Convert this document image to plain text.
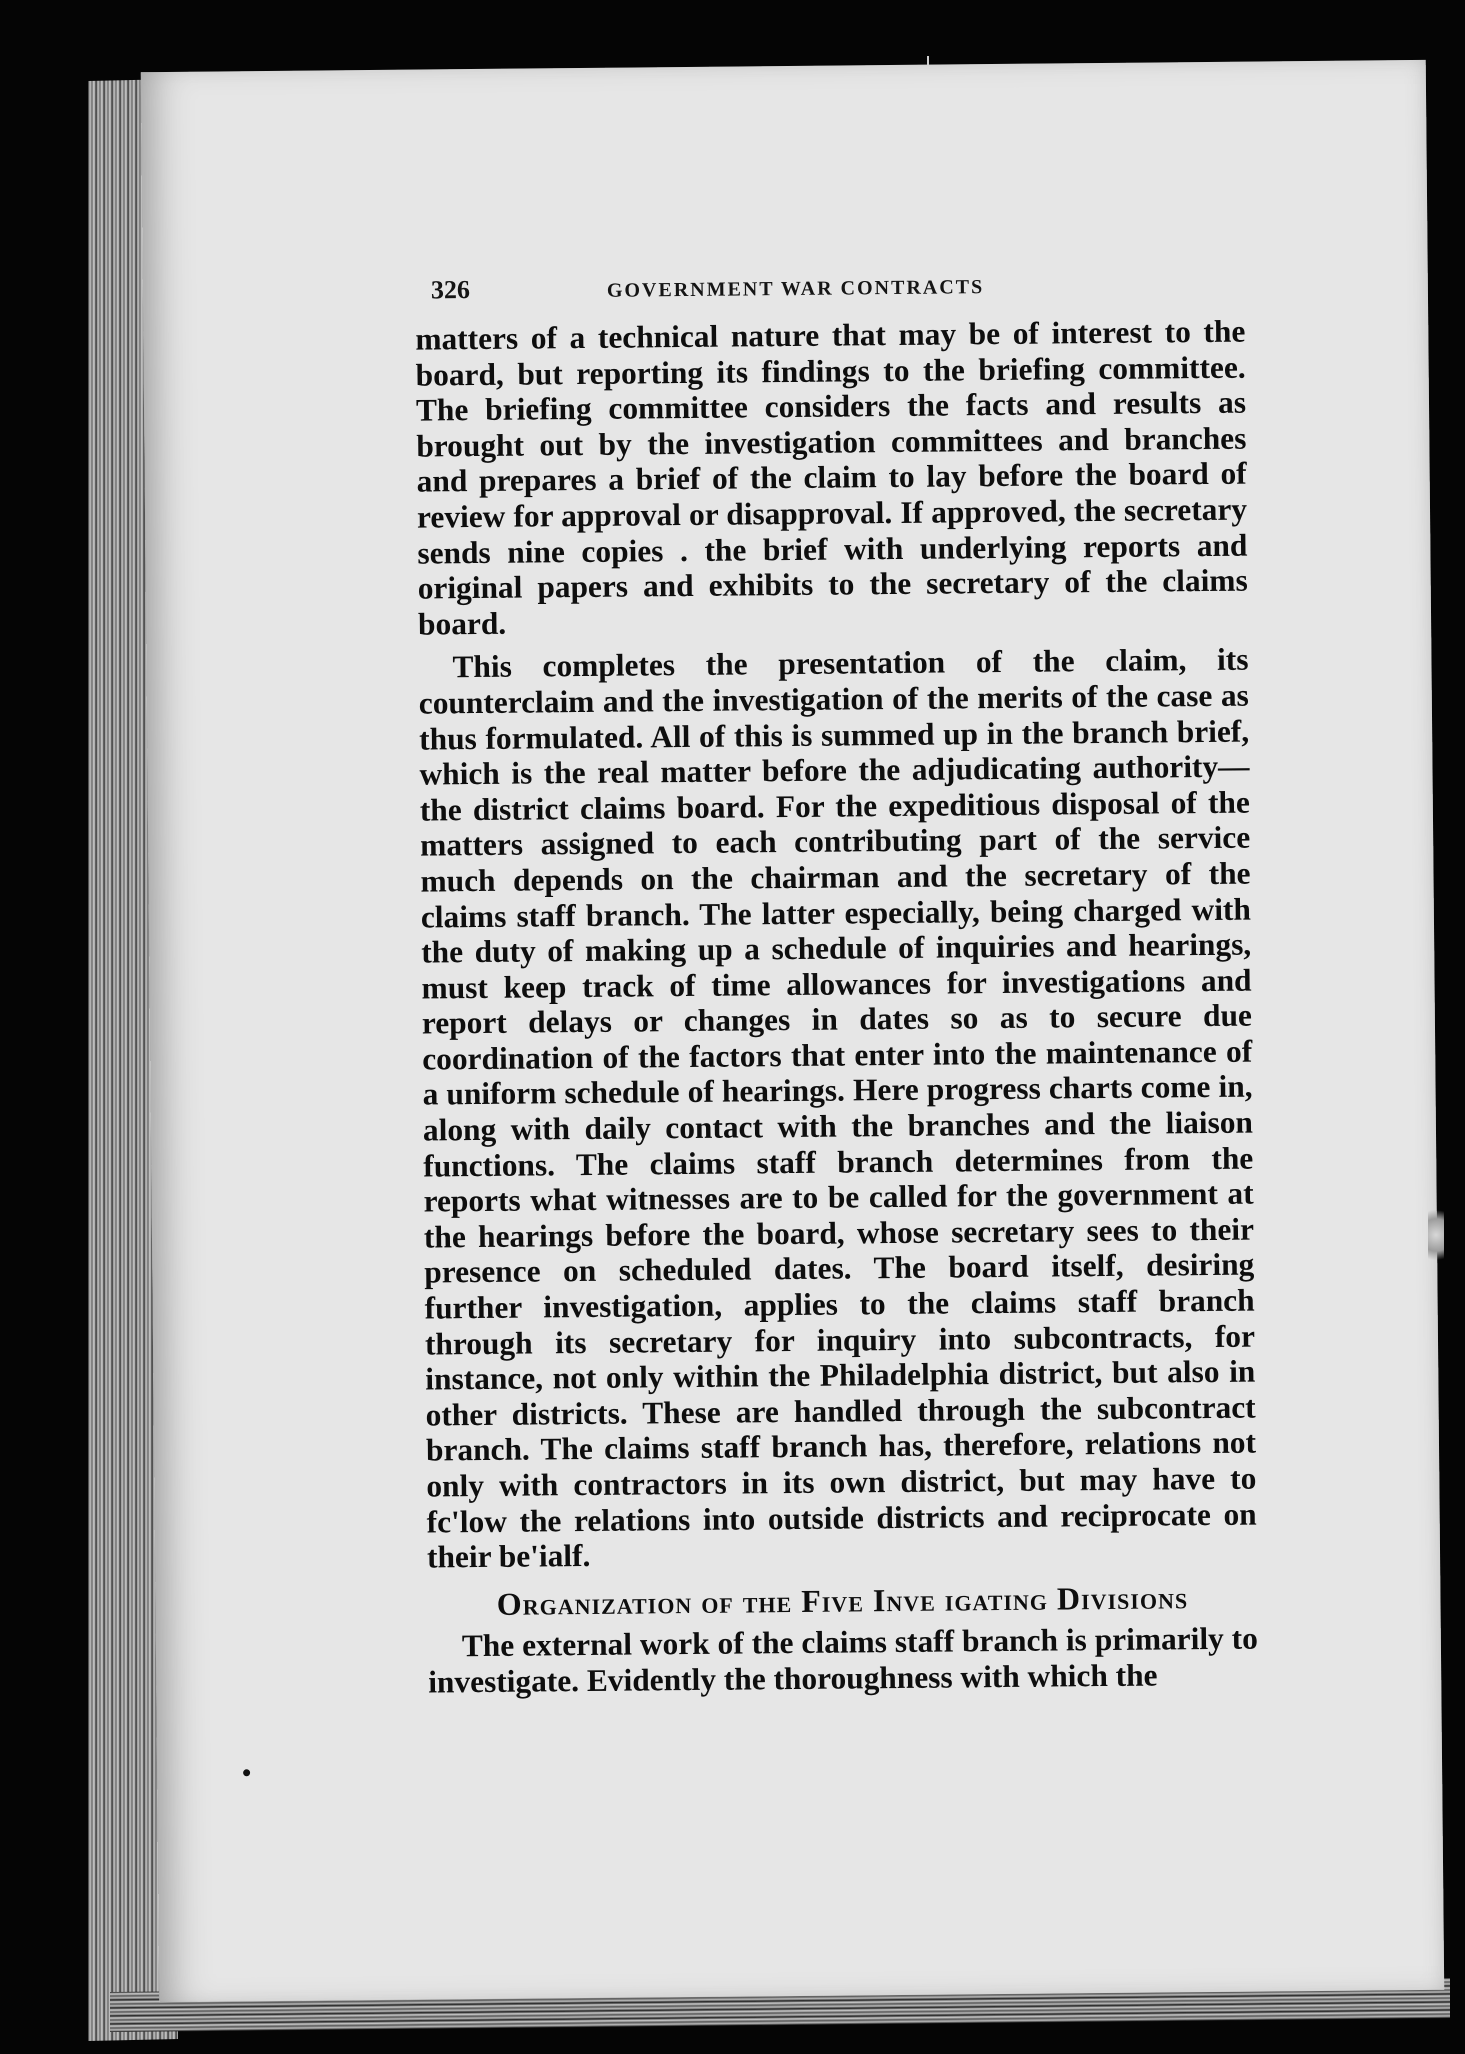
326	GOVERNMENT WAR CONTRACTS

matters of a technical nature that may be of interest to the board, but reporting its findings to the briefing committee. The briefing committee considers the facts and results as brought out by the investigation committees and branches and prepares a brief of the claim to lay before the board of review for approval or disapproval. If approved, the secretary sends nine copies . the brief with underlying reports and original papers and exhibits to the secretary of the claims board.

This completes the presentation of the claim, its counterclaim and the investigation of the merits of the case as thus formulated. All of this is summed up in the branch brief, which is the real matter before the adjudicating authority—the district claims board. For the expeditious disposal of the matters assigned to each contributing part of the service much depends on the chairman and the secretary of the claims staff branch. The latter especially, being charged with the duty of making up a schedule of inquiries and hearings, must keep track of time allowances for investigations and report delays or changes in dates so as to secure due coordination of the factors that enter into the maintenance of a uniform schedule of hearings. Here progress charts come in, along with daily contact with the branches and the liaison functions. The claims staff branch determines from the reports what witnesses are to be called for the government at the hearings before the board, whose secretary sees to their presence on scheduled dates. The board itself, desiring further investigation, applies to the claims staff branch through its secretary for inquiry into subcontracts, for instance, not only within the Philadelphia district, but also in other districts. These are handled through the subcontract branch. The claims staff branch has, therefore, relations not only with contractors in its own district, but may have to fc'low the relations into outside districts and reciprocate on their be'ialf.

Organization of the Five Inve igating Divisions

The external work of the claims staff branch is primarily to investigate. Evidently the thoroughness with which the
